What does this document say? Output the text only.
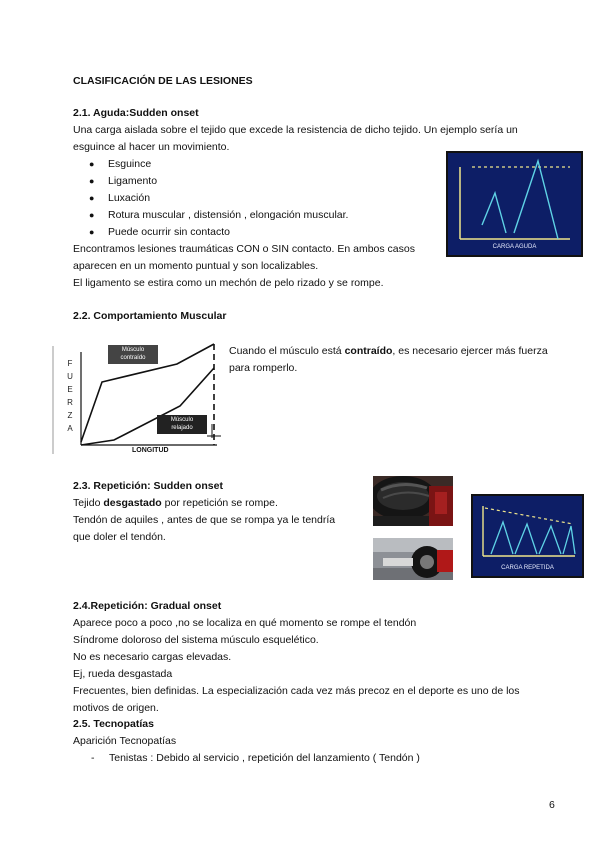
CLASIFICACIÓN DE LAS LESIONES
2.1. Aguda:Sudden onset
Una carga aislada sobre el tejido que excede la resistencia de dicho tejido. Un ejemplo sería un
esguince al hacer un movimiento.
● Esguince
● Ligamento
● Luxación
● Rotura muscular , distensión , elongación muscular.
● Puede ocurrir sin contacto
Encontramos lesiones traumáticas CON o SIN contacto. En ambos casos
aparecen en un momento puntual y son localizables.
El ligamento se estira como un mechón de pelo rizado y se rompe.
CARGA AGUDA
2.2. Comportamiento Muscular
F
U
E
R
Z
A
Músculo
contraído
Músculo
relajado
LONGITUD
Cuando el músculo está contraído, es necesario ejercer más fuerza
para romperlo.
2.3. Repetición: Sudden onset
Tejido desgastado por repetición se rompe.
Tendón de aquiles , antes de que se rompa ya le tendría
que doler el tendón.
CARGA REPETIDA
2.4.Repetición: Gradual onset
Aparece poco a poco ,no se localiza en qué momento se rompe el tendón
Síndrome doloroso del sistema músculo esquelético.
No es necesario cargas elevadas.
Ej, rueda desgastada
Frecuentes, bien definidas. La especialización cada vez más precoz en el deporte es uno de los
motivos de origen.
2.5. Tecnopatías
Aparición Tecnopatías
- Tenistas : Debido al servicio , repetición del lanzamiento ( Tendón )
6
